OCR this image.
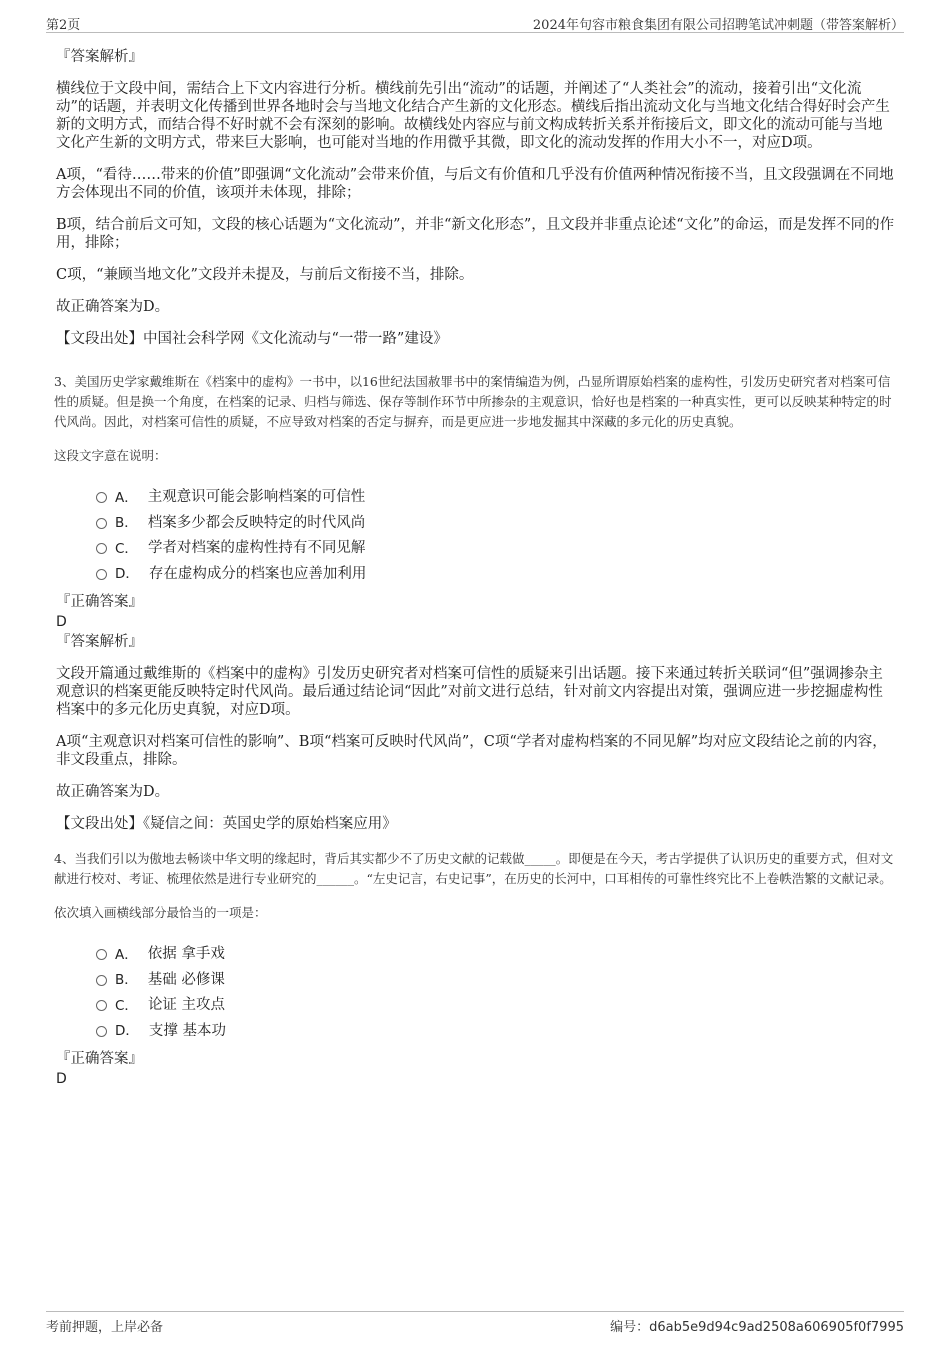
第2页	2024年句容市粮食集团有限公司招聘笔试冲刺题（带答案解析）
『答案解析』

横线位于文段中间，需结合上下文内容进行分析。横线前先引出“流动”的话题，并阐述了“人类社会”的流动，接着引出“文化流动”的话题，并表明文化传播到世界各地时会与当地文化结合产生新的文化形态。横线后指出流动文化与当地文化结合得好时会产生新的文明方式，而结合得不好时就不会有深刻的影响。故横线处内容应与前文构成转折关系并衔接后文，即文化的流动可能与当地文化产生新的文明方式，带来巨大影响，也可能对当地的作用微乎其微，即文化的流动发挥的作用大小不一，对应D项。

A项，“看待……带来的价值”即强调“文化流动”会带来价值，与后文有价值和几乎没有价值两种情况衔接不当，且文段强调在不同地方会体现出不同的价值，该项并未体现，排除；

B项，结合前后文可知，文段的核心话题为“文化流动”，并非“新文化形态”，且文段并非重点论述“文化”的命运，而是发挥不同的作用，排除；

C项，“兼顾当地文化”文段并未提及，与前后文衔接不当，排除。

故正确答案为D。

【文段出处】中国社会科学网《文化流动与“一带一路”建设》

3、美国历史学家戴维斯在《档案中的虚构》一书中，以16世纪法国赦罪书中的案情编造为例，凸显所谓原始档案的虚构性，引发历史研究者对档案可信性的质疑。但是换一个角度，在档案的记录、归档与筛选、保存等制作环节中所掺杂的主观意识，恰好也是档案的一种真实性，更可以反映某种特定的时代风尚。因此，对档案可信性的质疑，不应导致对档案的否定与摒弃，而是更应进一步地发掘其中深藏的多元化的历史真貌。

这段文字意在说明：

A． 主观意识可能会影响档案的可信性
B． 档案多少都会反映特定的时代风尚
C． 学者对档案的虚构性持有不同见解
D． 存在虚构成分的档案也应善加利用
『正确答案』
D
『答案解析』

文段开篇通过戴维斯的《档案中的虚构》引发历史研究者对档案可信性的质疑来引出话题。接下来通过转折关联词“但”强调掺杂主观意识的档案更能反映特定时代风尚。最后通过结论词“因此”对前文进行总结，针对前文内容提出对策，强调应进一步挖掘虚构性档案中的多元化历史真貌，对应D项。

A项“主观意识对档案可信性的影响”、B项“档案可反映时代风尚”，C项“学者对虚构档案的不同见解”均对应文段结论之前的内容，非文段重点，排除。

故正确答案为D。

【文段出处】《疑信之间：英国史学的原始档案应用》

4、当我们引以为傲地去畅谈中华文明的缘起时，背后其实都少不了历史文献的记载做_____。即便是在今天，考古学提供了认识历史的重要方式，但对文献进行校对、考证、梳理依然是进行专业研究的______。“左史记言，右史记事”，在历史的长河中，口耳相传的可靠性终究比不上卷帙浩繁的文献记录。

依次填入画横线部分最恰当的一项是：

A． 依据 拿手戏
B． 基础 必修课
C． 论证 主攻点
D． 支撑 基本功
『正确答案』
D
考前押题，上岸必备	编号：d6ab5e9d94c9ad2508a606905f0f7995
